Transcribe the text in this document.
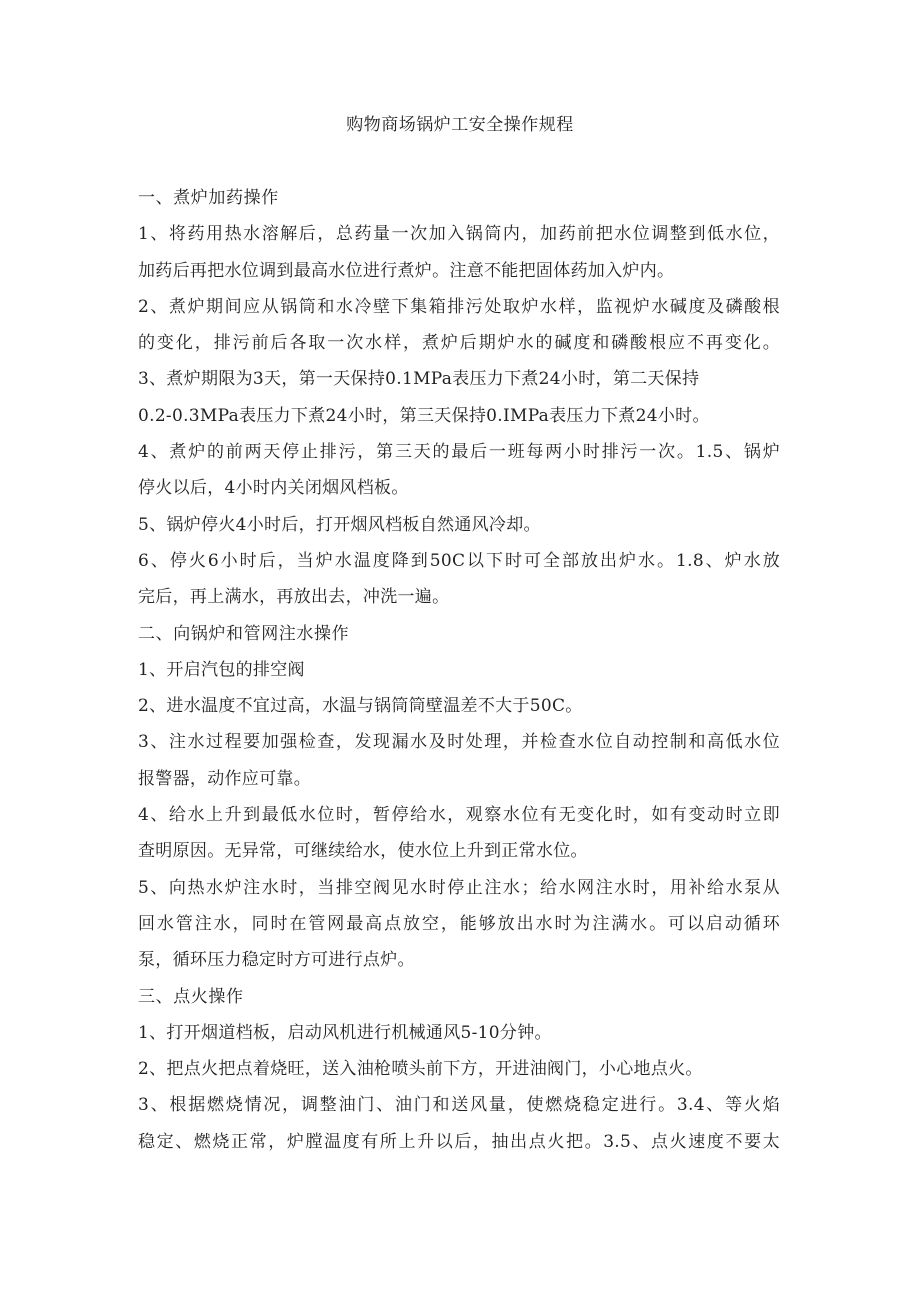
购物商场锅炉工安全操作规程

一、煮炉加药操作

1、将药用热水溶解后，总药量一次加入锅筒内，加药前把水位调整到低水位，

加药后再把水位调到最高水位进行煮炉。注意不能把固体药加入炉内。

2、煮炉期间应从锅筒和水冷壁下集箱排污处取炉水样，监视炉水碱度及磷酸根

的变化，排污前后各取一次水样，煮炉后期炉水的碱度和磷酸根应不再变化。

3、煮炉期限为3天，第一天保持0.1MPa表压力下煮24小时，第二天保持

0.2-0.3MPa表压力下煮24小时，第三天保持0.IMPa表压力下煮24小时。

4、煮炉的前两天停止排污，第三天的最后一班每两小时排污一次。1.5、锅炉

停火以后，4小时内关闭烟风档板。

5、锅炉停火4小时后，打开烟风档板自然通风冷却。

6、停火6小时后，当炉水温度降到50C以下时可全部放出炉水。1.8、炉水放

完后，再上满水，再放出去，冲洗一遍。

二、向锅炉和管网注水操作

1、开启汽包的排空阀

2、进水温度不宜过高，水温与锅筒筒壁温差不大于50C。

3、注水过程要加强检查，发现漏水及时处理，并检查水位自动控制和高低水位

报警器，动作应可靠。

4、给水上升到最低水位时，暂停给水，观察水位有无变化时，如有变动时立即

查明原因。无异常，可继续给水，使水位上升到正常水位。

5、向热水炉注水时，当排空阀见水时停止注水；给水网注水时，用补给水泵从

回水管注水，同时在管网最高点放空，能够放出水时为注满水。可以启动循环

泵，循环压力稳定时方可进行点炉。

三、点火操作

1、打开烟道档板，启动风机进行机械通风5-10分钟。

2、把点火把点着烧旺，送入油枪喷头前下方，开进油阀门，小心地点火。

3、根据燃烧情况，调整油门、油门和送风量，使燃烧稳定进行。3.4、等火焰

稳定、燃烧正常，炉膛温度有所上升以后，抽出点火把。3.5、点火速度不要太
